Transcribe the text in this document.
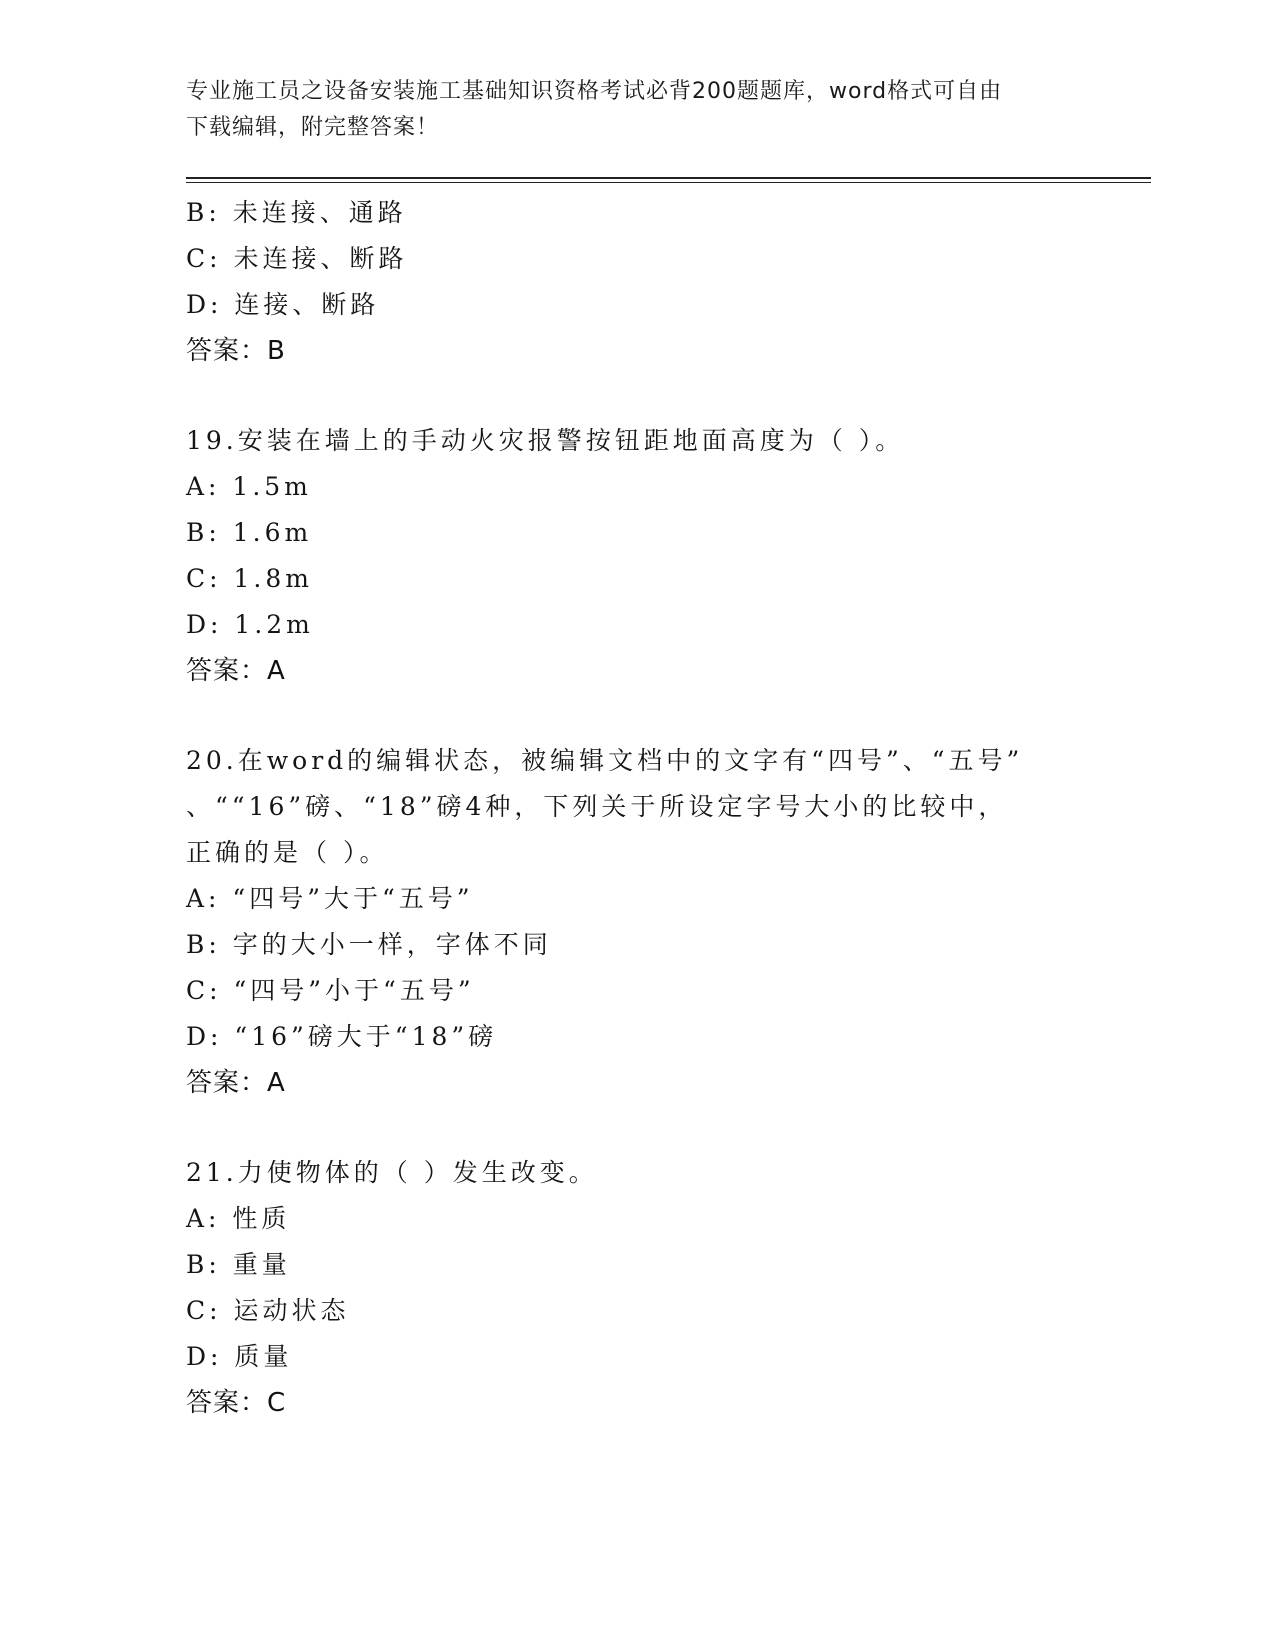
专业施工员之设备安装施工基础知识资格考试必背200题题库，word格式可自由
下载编辑，附完整答案！
B: 未连接、通路
C: 未连接、断路
D: 连接、断路
答案：B
19.安装在墙上的手动火灾报警按钮距地面高度为（ ）。
A: 1.5m
B: 1.6m
C: 1.8m
D: 1.2m
答案：A
20.在word的编辑状态，被编辑文档中的文字有“四号”、“五号”
、““16”磅、“18”磅4种，下列关于所设定字号大小的比较中，
正确的是（ ）。
A: “四号”大于“五号”
B: 字的大小一样，字体不同
C: “四号”小于“五号”
D: “16”磅大于“18”磅
答案：A
21.力使物体的（ ）发生改变。
A: 性质
B: 重量
C: 运动状态
D: 质量
答案：C
